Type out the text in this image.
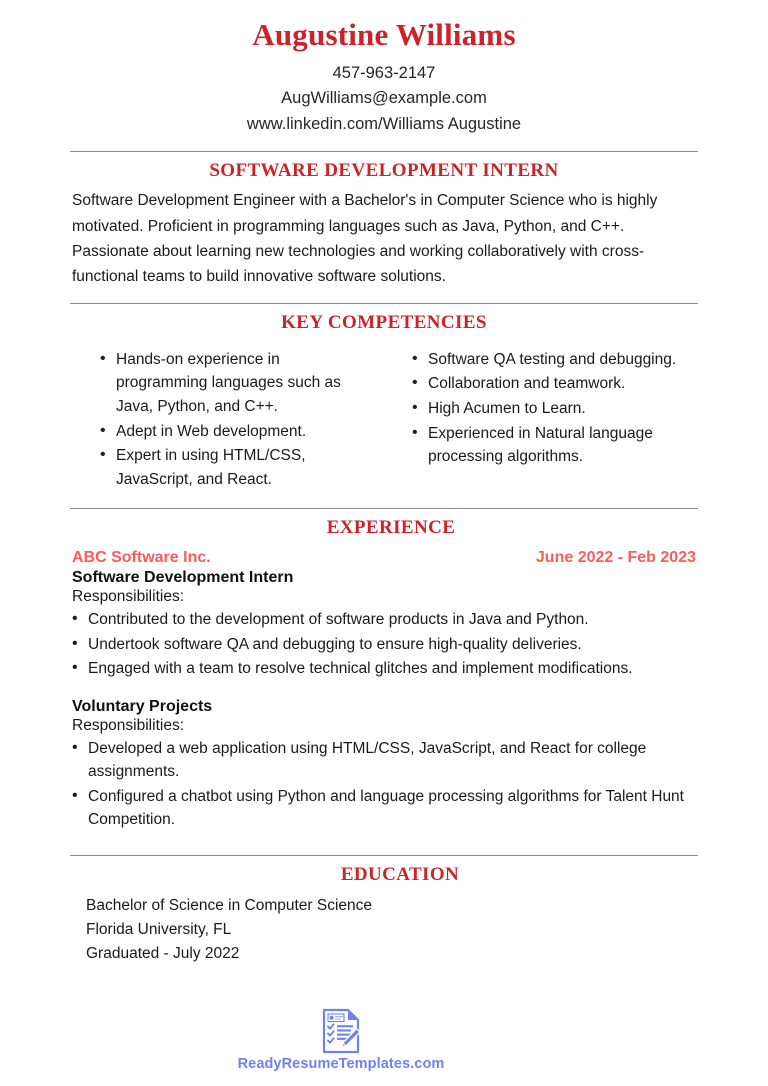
Augustine Williams
457-963-2147
AugWilliams@example.com
www.linkedin.com/Williams Augustine
SOFTWARE DEVELOPMENT INTERN

Software Development Engineer with a Bachelor's in Computer Science who is highly motivated. Proficient in programming languages such as Java, Python, and C++. Passionate about learning new technologies and working collaboratively with cross-functional teams to build innovative software solutions.

KEY COMPETENCIES
• Hands-on experience in programming languages such as Java, Python, and C++.
• Adept in Web development.
• Expert in using HTML/CSS, JavaScript, and React.
• Software QA testing and debugging.
• Collaboration and teamwork.
• High Acumen to Learn.
• Experienced in Natural language processing algorithms.
EXPERIENCE
ABC Software Inc.	June 2022 - Feb 2023
Software Development Intern
Responsibilities:
• Contributed to the development of software products in Java and Python.
• Undertook software QA and debugging to ensure high-quality deliveries.
• Engaged with a team to resolve technical glitches and implement modifications.
Voluntary Projects
Responsibilities:
• Developed a web application using HTML/CSS, JavaScript, and React for college assignments.
• Configured a chatbot using Python and language processing algorithms for Talent Hunt Competition.
EDUCATION
Bachelor of Science in Computer Science
Florida University, FL
Graduated - July 2022
ReadyResumeTemplates.com
